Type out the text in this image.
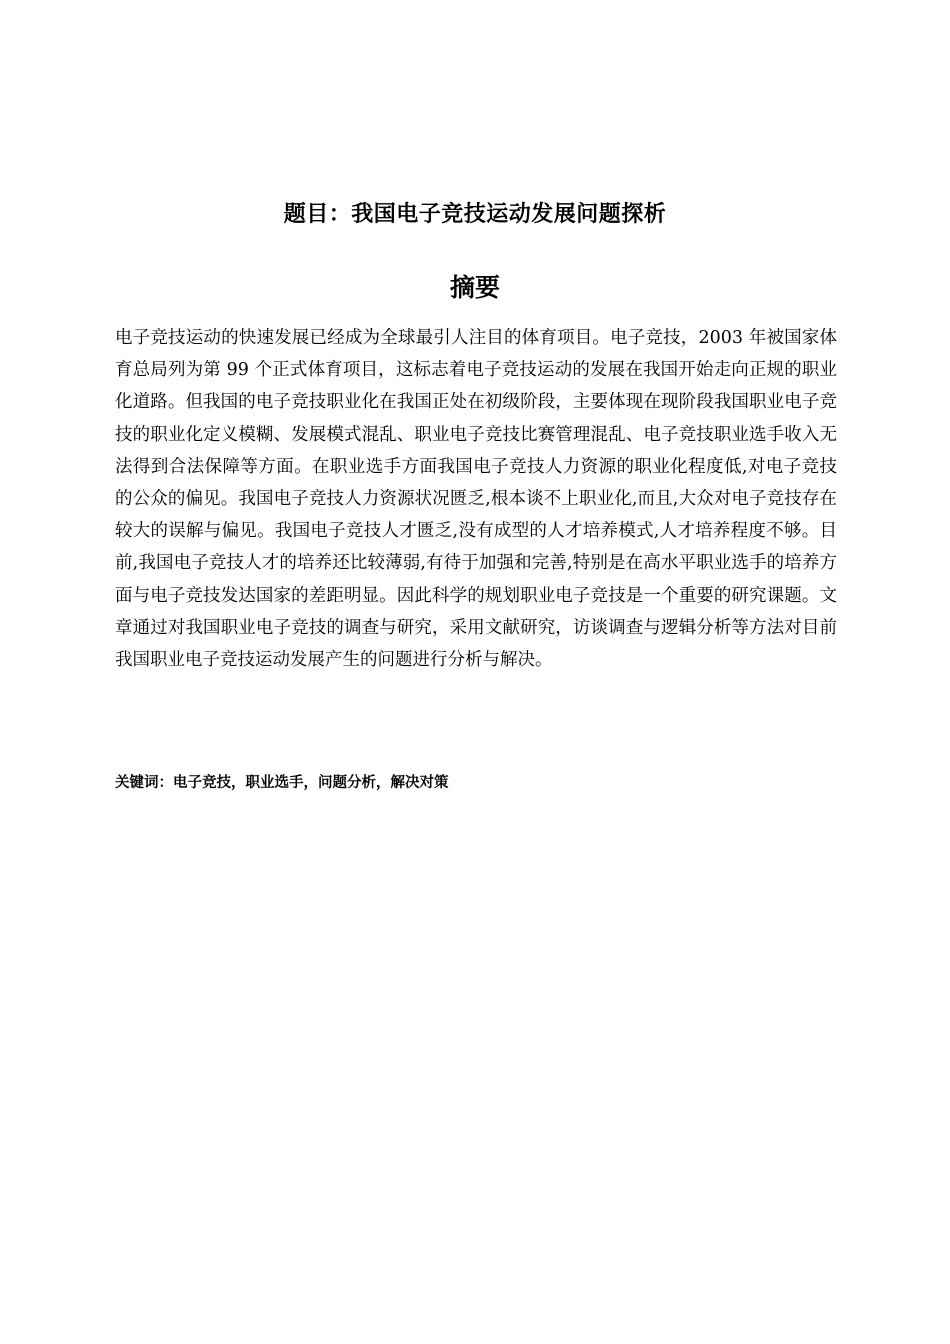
题目：我国电子竞技运动发展问题探析
摘要

电子竞技运动的快速发展已经成为全球最引人注目的体育项目。电子竞技，2003 年被国家体育总局列为第 99 个正式体育项目，这标志着电子竞技运动的发展在我国开始走向正规的职业化道路。但我国的电子竞技职业化在我国正处在初级阶段，主要体现在现阶段我国职业电子竞技的职业化定义模糊、发展模式混乱、职业电子竞技比赛管理混乱、电子竞技职业选手收入无法得到合法保障等方面。在职业选手方面我国电子竞技人力资源的职业化程度低,对电子竞技的公众的偏见。我国电子竞技人力资源状况匮乏,根本谈不上职业化,而且,大众对电子竞技存在较大的误解与偏见。我国电子竞技人才匮乏,没有成型的人才培养模式,人才培养程度不够。目前,我国电子竞技人才的培养还比较薄弱,有待于加强和完善,特别是在高水平职业选手的培养方面与电子竞技发达国家的差距明显。因此科学的规划职业电子竞技是一个重要的研究课题。文章通过对我国职业电子竞技的调查与研究，采用文献研究，访谈调查与逻辑分析等方法对目前我国职业电子竞技运动发展产生的问题进行分析与解决。

关键词：电子竞技，职业选手，问题分析，解决对策
